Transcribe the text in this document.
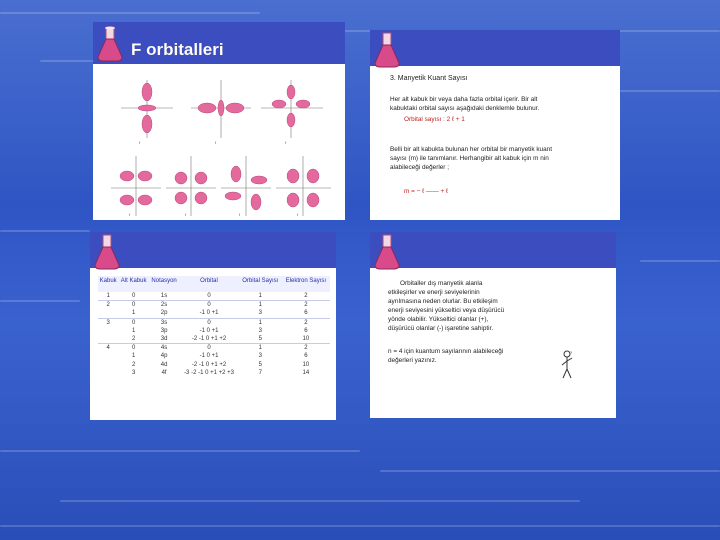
F orbitalleri
f	f	f
f	f	f	f
3. Manyetik Kuant Sayısı
Her alt kabuk bir veya daha fazla orbital içerir. Bir alt
kabuktaki orbital sayısı aşağıdaki denklemle bulunur.
Orbital sayısı : 2 ℓ + 1
Belli bir alt kabukta bulunan her orbital bir manyetik kuant
sayısı (m) ile tanımlanır. Herhangibir alt kabuk için m nin
alabileceği değerler ;
m = − ℓ —— + ℓ
Kabuk	Alt Kabuk	Notasyon	Orbital	Orbital Sayısı	Elektron Sayısı
1	0	1s	0	1	2
2	0	2s	0	1	2
	1	2p	-1 0 +1	3	6
3	0	3s	0	1	2
	1	3p	-1 0 +1	3	6
	2	3d	-2 -1 0 +1 +2	5	10
4	0	4s	0	1	2
	1	4p	-1 0 +1	3	6
	2	4d	-2 -1 0 +1 +2	5	10
	3	4f	-3 -2 -1 0 +1 +2 +3	7	14
Orbitaller dış manyetik alanla
etkileşirler ve enerji seviyelerinin
ayrılmasına neden olurlar. Bu etkileşim
enerji seviyesini yükseltici veya düşürücü
yönde olabilir. Yükseltici olanlar (+),
düşürücü olanlar (-) işaretine sahiptir.
n = 4 için kuantum sayılarının alabileceği
değerleri yazınız.
?
